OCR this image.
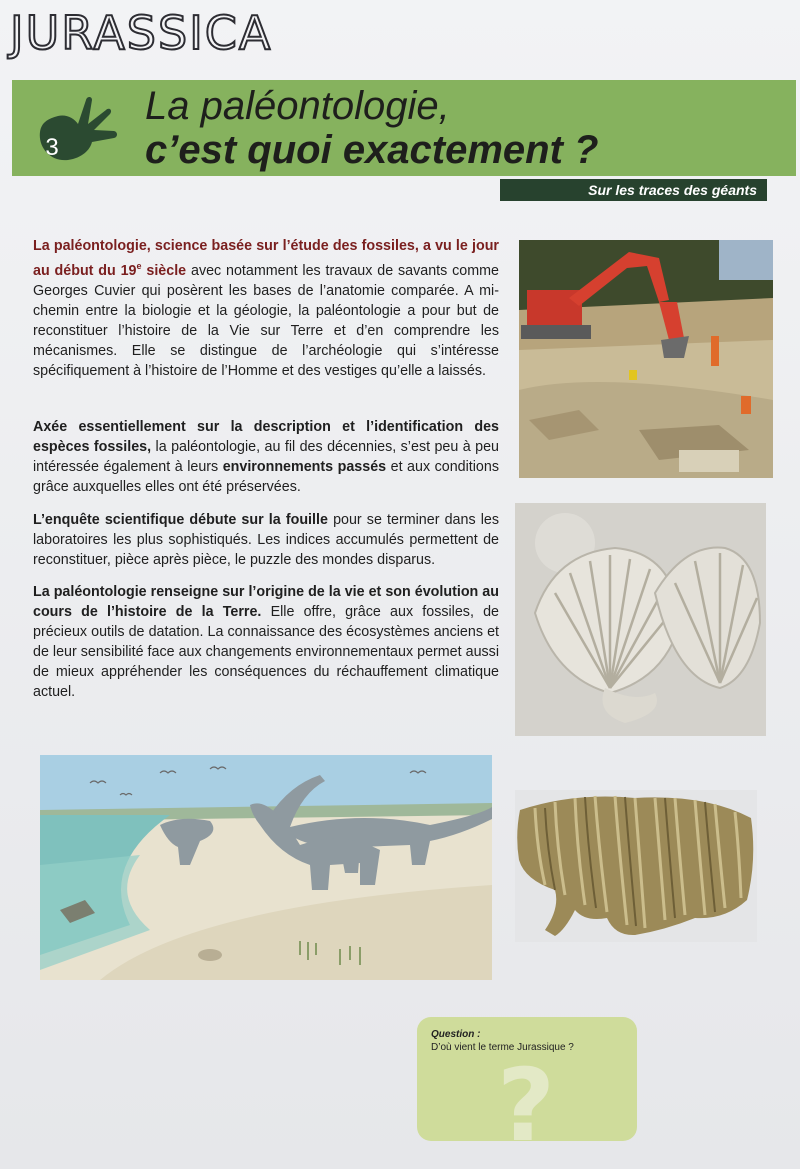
JURASSICA
3
La paléontologie,
c’est quoi exactement ?
Sur les traces des géants

La paléontologie, science basée sur l’étude des fossiles, a vu le jour au début du 19e siècle avec notamment les travaux de savants comme Georges Cuvier qui posèrent les bases de l’anatomie comparée. A mi-chemin entre la biologie et la géologie, la paléontologie a pour but de reconstituer l’histoire de la Vie sur Terre et d’en comprendre les mécanismes. Elle se distingue de l’archéologie qui s’intéresse spécifiquement à l’histoire de l’Homme et des vestiges qu’elle a laissés.

Axée essentiellement sur la description et l’identification des espèces fossiles, la paléontologie, au fil des décennies, s’est peu à peu intéressée également à leurs environnements passés et aux conditions grâce auxquelles elles ont été préservées.

L’enquête scientifique débute sur la fouille pour se terminer dans les laboratoires les plus sophistiqués. Les indices accumulés permettent de reconstituer, pièce après pièce, le puzzle des mondes disparus.

La paléontologie renseigne sur l’origine de la vie et son évolution au cours de l’histoire de la Terre. Elle offre, grâce aux fossiles, de précieux outils de datation. La connaissance des écosystèmes anciens et de leur sensibilité face aux changements environnementaux permet aussi de mieux appréhender les conséquences du réchauffement climatique actuel.

?
Question :
D’où vient le terme Jurassique ?
